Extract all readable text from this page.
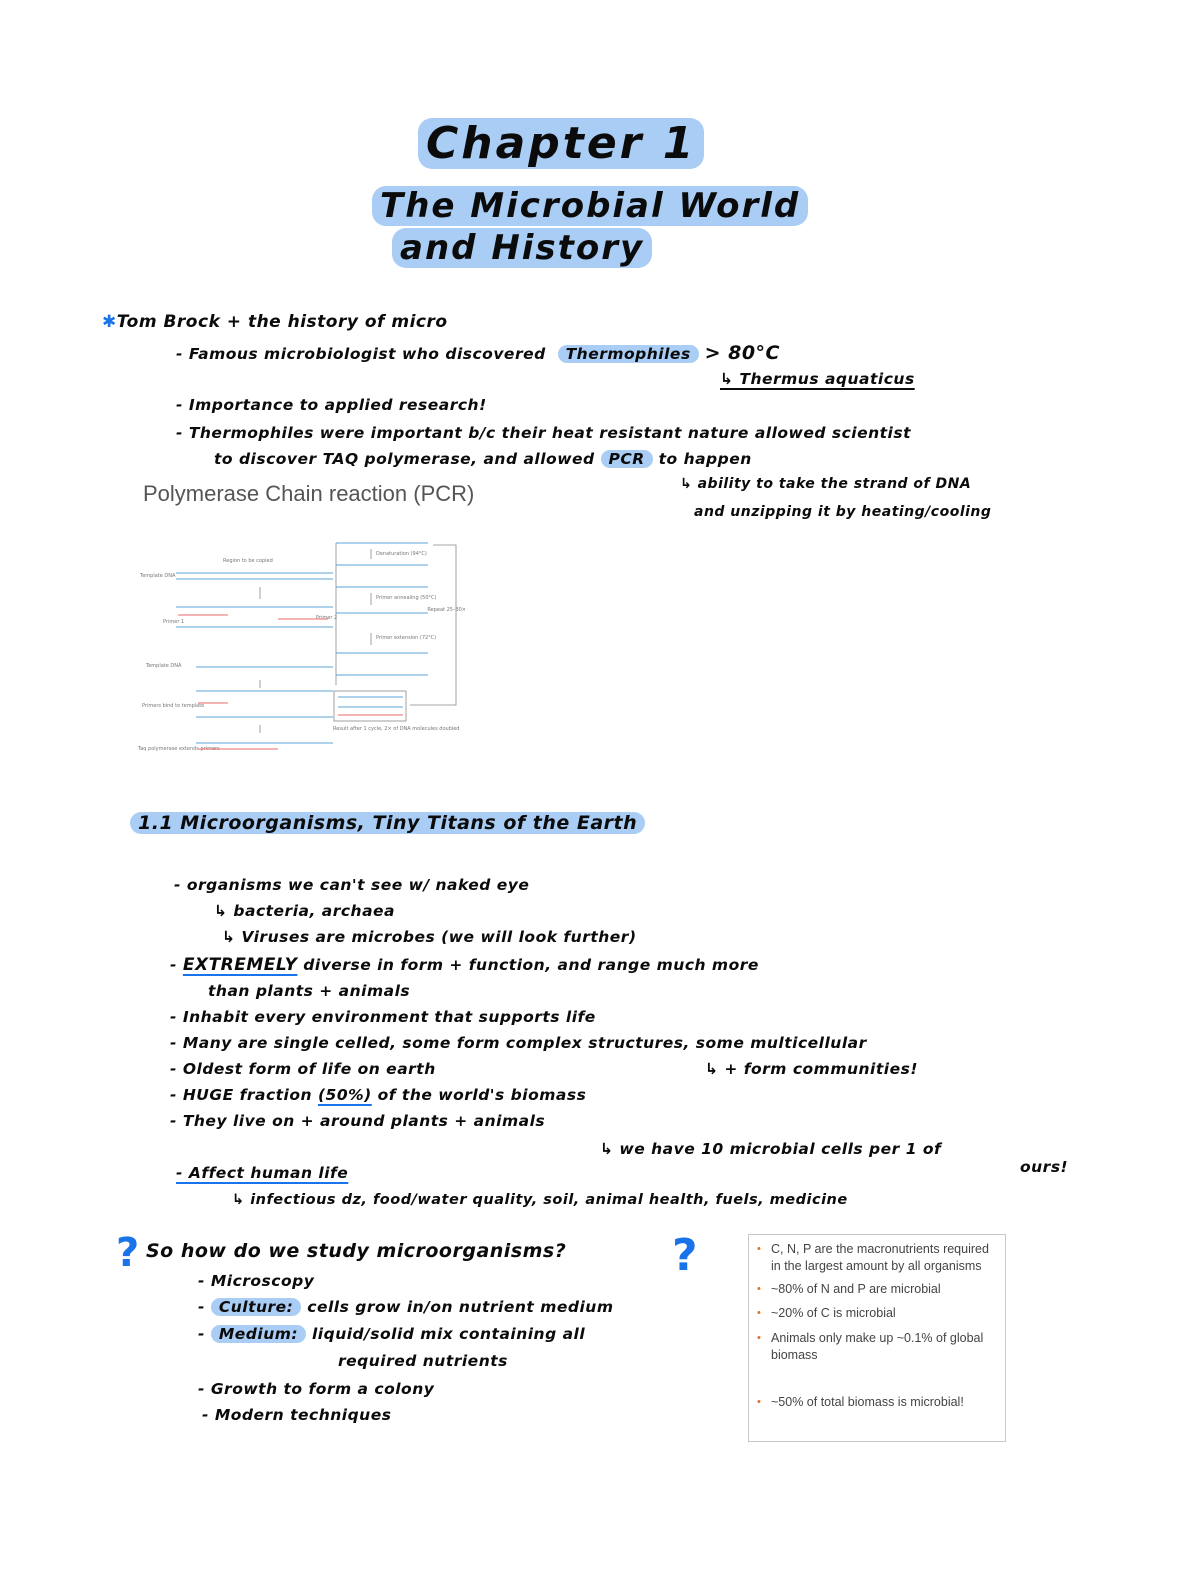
Chapter 1
The Microbial World
and History
✱Tom Brock + the history of micro
- Famous microbiologist who discovered Thermophiles > 80°C
↳ Thermus aquaticus
- Importance to applied research!
- Thermophiles were important b/c their heat resistant nature allowed scientist
to discover TAQ polymerase, and allowed PCR to happen
↳ ability to take the strand of DNA
and unzipping it by heating/cooling
Polymerase Chain reaction (PCR)
Region to be copied
Template DNA
Primer 1
Primer 2
Denaturation (94°C)
Primer annealing (50°C)
Primer extension (72°C)
Repeat 25–30×
Template DNA
Primers bind to template
Taq polymerase extends primers
Result after 1 cycle, 2× of DNA molecules doubled
1.1 Microorganisms, Tiny Titans of the Earth
- organisms we can't see w/ naked eye
↳ bacteria, archaea
↳ Viruses are microbes (we will look further)
- EXTREMELY diverse in form + function, and range much more
than plants + animals
- Inhabit every environment that supports life
- Many are single celled, some form complex structures, some multicellular
- Oldest form of life on earth	↳ + form communities!
- HUGE fraction (50%) of the world's biomass
- They live on + around plants + animals
↳ we have 10 microbial cells per 1 of
ours!
- Affect human life
↳ infectious dz, food/water quality, soil, animal health, fuels, medicine
? So how do we study microorganisms? ?
- Microscopy
- Culture: cells grow in/on nutrient medium
- Medium: liquid/solid mix containing all
required nutrients
- Growth to form a colony
- Modern techniques
• C, N, P are the macronutrients required in the largest amount by all organisms
• ~80% of N and P are microbial
• ~20% of C is microbial
• Animals only make up ~0.1% of global biomass
• ~50% of total biomass is microbial!
